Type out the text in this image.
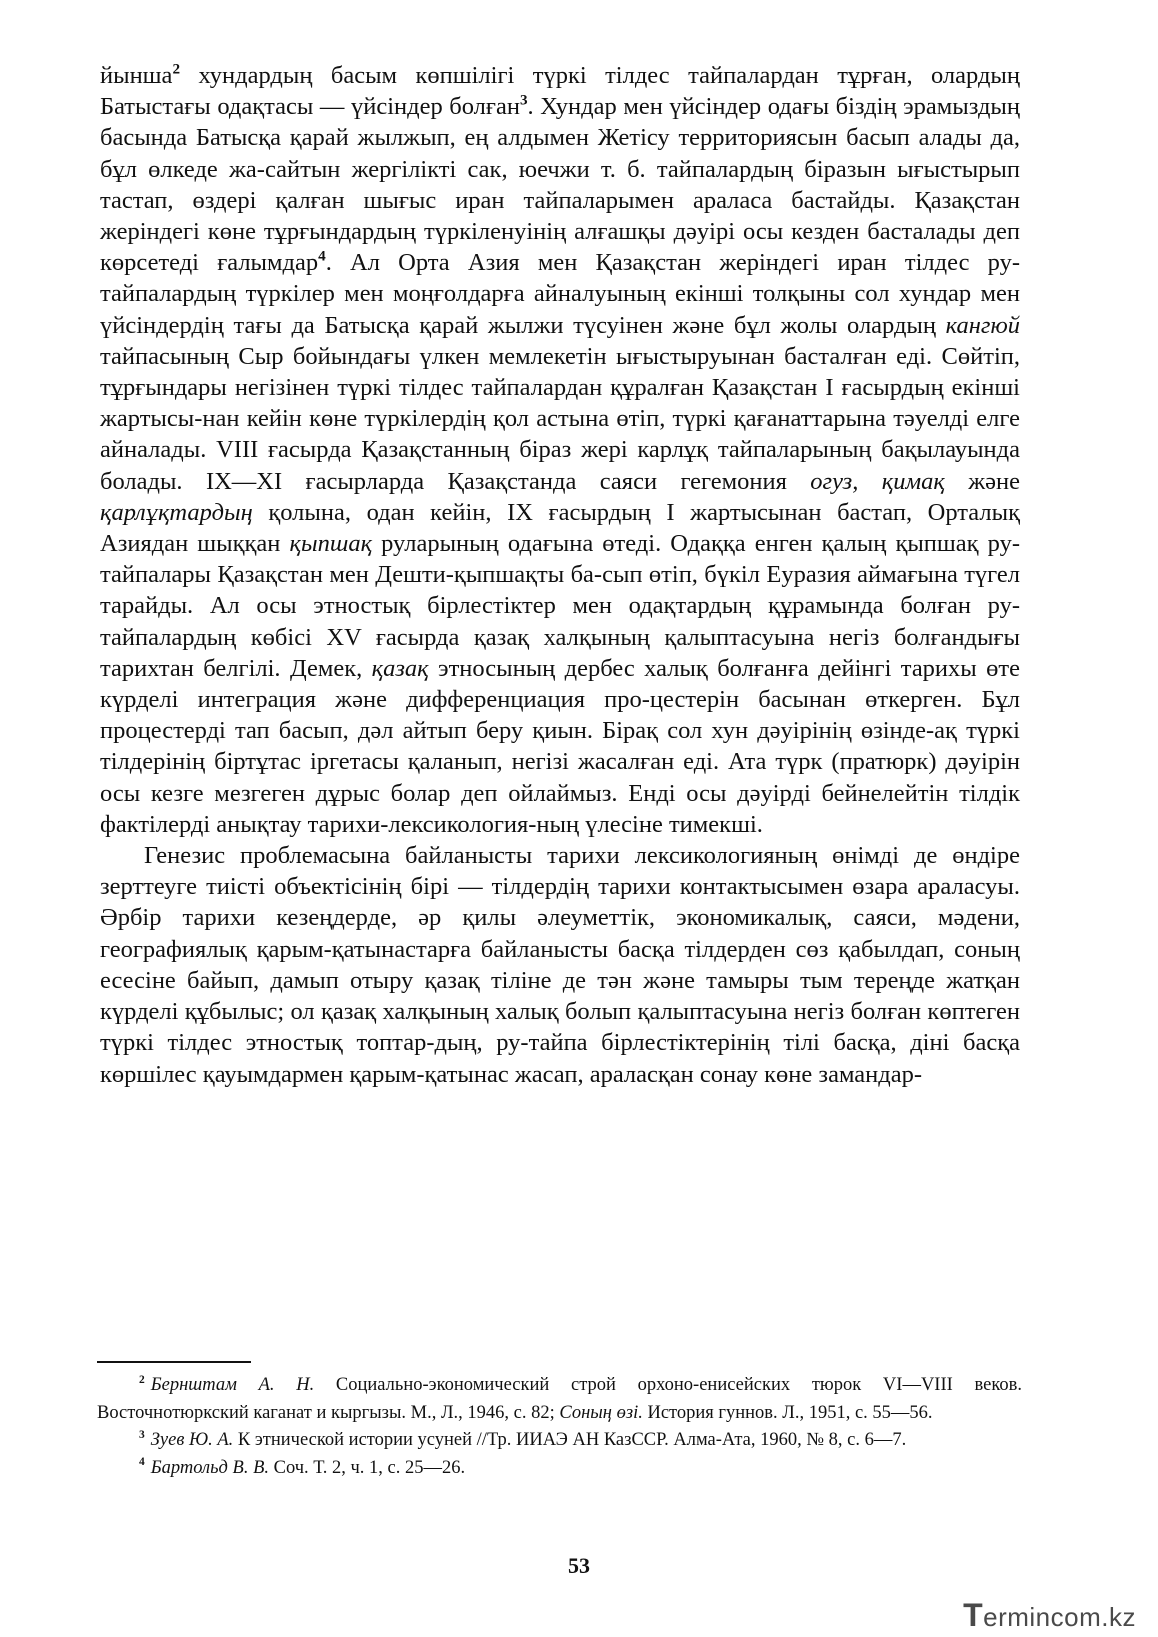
йынша$^2$ хундардың басым көпшілігі түркі тілдес тайпалардан тұрған, олардың Батыстағы одақтасы — үйсіндер болған$^3$. Хундар мен үйсіндер одағы біздің эрамыздың басында Батысқа қарай жылжып, ең алдымен Жетісу территориясын басып алады да, бұл өлкеде жа-сайтын жергілікті сак, юечжи т. б. тайпалардың біразын ығыстырып тастап, өздері қалған шығыс иран тайпаларымен араласа бастайды. Қазақстан жеріндегі көне тұрғындардың түркіленуінің алғашқы дәуірі осы кезден басталады деп көрсетеді ғалымдар$^4$. Ал Орта Азия мен Қазақстан жеріндегі иран тілдес ру-тайпалардың түркілер мен моңғолдарға айналуының екінші толқыны сол хундар мен үйсіндердің тағы да Батысқа қарай жылжи түсуінен және бұл жолы олардың кангюй тайпасының Сыр бойындағы үлкен мемлекетін ығыстыруынан басталған еді. Сөйтіп, тұрғындары негізінен түркі тілдес тайпалардан құралған Қазақстан I ғасырдың екінші жартысы-нан кейін көне түркілердің қол астына өтіп, түркі қағанаттарына тәуелді елге айналады. VIII ғасырда Қазақстанның біраз жері карлұқ тайпаларының бақылауында болады. IX—XI ғасырларда Қазақстанда саяси гегемония огуз, қимақ және қарлұқтардың қолына, одан кейін, IX ғасырдың I жартысынан бастап, Орталық Азиядан шыққан қыпшақ руларының одағына өтеді. Одаққа енген қалың қыпшақ ру-тайпалары Қазақстан мен Дешти-қыпшақты ба-сып өтіп, бүкіл Еуразия аймағына түгел тарайды. Ал осы этностық бірлестіктер мен одақтардың құрамында болған ру-тайпалардың көбісі XV ғасырда қазақ халқының қалыптасуына негіз болғандығы тарихтан белгілі. Демек, қазақ этносының дербес халық болғанға дейінгі тарихы өте күрделі интеграция және дифференциация про-цестерін басынан өткерген. Бұл процестерді тап басып, дәл айтып беру қиын. Бірақ сол хун дәуірінің өзінде-ақ түркі тілдерінің біртұтас іргетасы қаланып, негізі жасалған еді. Ата түрк (пратюрк) дәуірін осы кезге мезгеген дұрыс болар деп ойлаймыз. Енді осы дәуірді бейнелейтін тілдік фактілерді анықтау тарихи-лексикология-ның үлесіне тимекші.

Генезис проблемасына байланысты тарихи лексикологияның өнімді де өндіре зерттеуге тиісті объектісінің бірі — тілдердің тарихи контактысымен өзара араласуы. Әрбір тарихи кезеңдерде, әр қилы әлеуметтік, экономикалық, саяси, мәдени, географиялық қарым-қатынастарға байланысты басқа тілдерден сөз қабылдап, соның есесіне байып, дамып отыру қазақ тіліне де тән және тамыры тым тереңде жатқан күрделі құбылыс; ол қазақ халқының халық болып қалыптасуына негіз болған көптеген түркі тілдес этностық топтар-дың, ру-тайпа бірлестіктерінің тілі басқа, діні басқа көршілес қауымдармен қарым-қатынас жасап, араласқан сонау көне замандар-

$^2$ Бернштам А. Н. Социально-экономический строй орхоно-енисейских тюрок VI—VIII веков. Восточнотюркский каганат и кыргызы. М., Л., 1946, с. 82; Соның өзі. История гуннов. Л., 1951, с. 55—56.

$^3$ Зуев Ю. А. К этнической истории усуней //Тр. ИИАЭ АН КазССР. Алма-Ата, 1960, № 8, с. 6—7.

$^4$ Бартольд В. В. Соч. Т. 2, ч. 1, с. 25—26.

53
Termincom.kz
